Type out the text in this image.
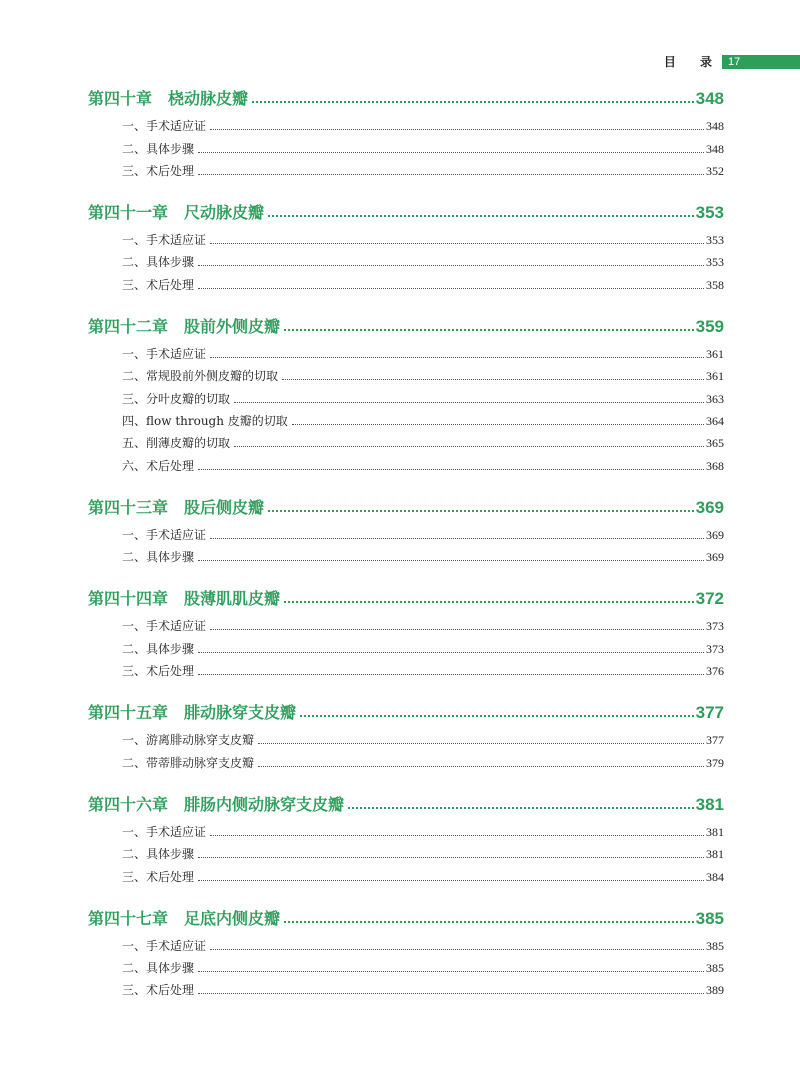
目 录 17
第四十章 桡动脉皮瓣	348
一、手术适应证	348
二、具体步骤	348
三、术后处理	352
第四十一章 尺动脉皮瓣	353
一、手术适应证	353
二、具体步骤	353
三、术后处理	358
第四十二章 股前外侧皮瓣	359
一、手术适应证	361
二、常规股前外侧皮瓣的切取	361
三、分叶皮瓣的切取	363
四、flow through 皮瓣的切取	364
五、削薄皮瓣的切取	365
六、术后处理	368
第四十三章 股后侧皮瓣	369
一、手术适应证	369
二、具体步骤	369
第四十四章 股薄肌肌皮瓣	372
一、手术适应证	373
二、具体步骤	373
三、术后处理	376
第四十五章 腓动脉穿支皮瓣	377
一、游离腓动脉穿支皮瓣	377
二、带蒂腓动脉穿支皮瓣	379
第四十六章 腓肠内侧动脉穿支皮瓣	381
一、手术适应证	381
二、具体步骤	381
三、术后处理	384
第四十七章 足底内侧皮瓣	385
一、手术适应证	385
二、具体步骤	385
三、术后处理	389
